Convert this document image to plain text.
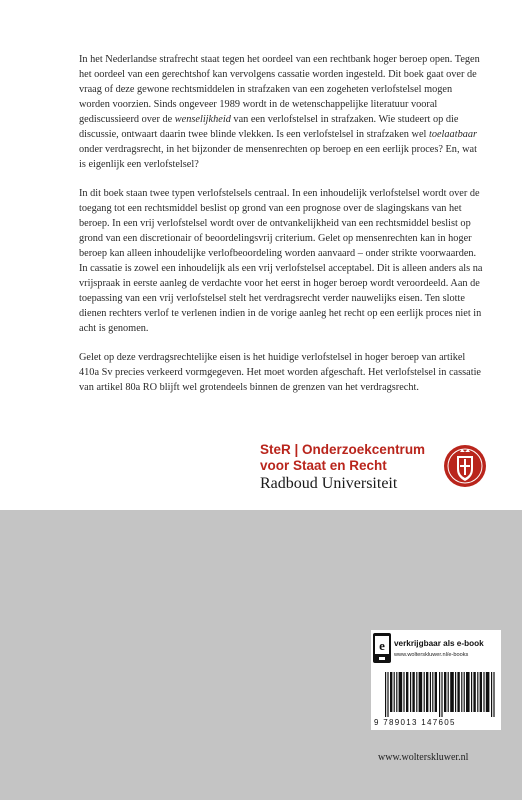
In het Nederlandse strafrecht staat tegen het oordeel van een rechtbank hoger beroep open. Tegen het oordeel van een gerechtshof kan vervolgens cassatie worden ingesteld. Dit boek gaat over de vraag of deze gewone rechtsmiddelen in strafzaken van een zogeheten verlofstelsel mogen worden voorzien. Sinds ongeveer 1989 wordt in de wetenschappelijke literatuur vooral gediscussieerd over de wenselijkheid van een verlofstelsel in strafzaken. Wie studeert op die discussie, ontwaart daarin twee blinde vlekken. Is een verlofstelsel in strafzaken wel toelaatbaar onder verdragsrecht, in het bijzonder de mensenrechten op beroep en een eerlijk proces? En, wat is eigenlijk een verlofstelsel?

In dit boek staan twee typen verlofstelsels centraal. In een inhoudelijk verlofstelsel wordt over de toegang tot een rechtsmiddel beslist op grond van een prognose over de slagingskans van het beroep. In een vrij verlofstelsel wordt over de ontvankelijkheid van een rechtsmiddel beslist op grond van een discretionair of beoordelingsvrij criterium. Gelet op mensenrechten kan in hoger beroep kan alleen inhoudelijke verlofbeoordeling worden aanvaard – onder strikte voorwaarden. In cassatie is zowel een inhoudelijk als een vrij verlofstelsel acceptabel. Dit is alleen anders als na vrijspraak in eerste aanleg de verdachte voor het eerst in hoger beroep wordt veroordeeld. Aan de toepassing van een vrij verlofstelsel stelt het verdragsrecht verder nauwelijks eisen. Ten slotte dienen rechters verlof te verlenen indien in de vorige aanleg het recht op een eerlijk proces niet in acht is genomen.

Gelet op deze verdragsrechtelijke eisen is het huidige verlofstelsel in hoger beroep van artikel 410a Sv precies verkeerd vormgegeven. Het moet worden afgeschaft. Het verlofstelsel in cassatie van artikel 80a RO blijft wel grotendeels binnen de grenzen van het verdragsrecht.

SteR | Onderzoekcentrum
voor Staat en Recht
Radboud Universiteit
e verkrijgbaar als e-book
www.wolterskluwer.nl/e-books
9 789013 147605
www.wolterskluwer.nl
